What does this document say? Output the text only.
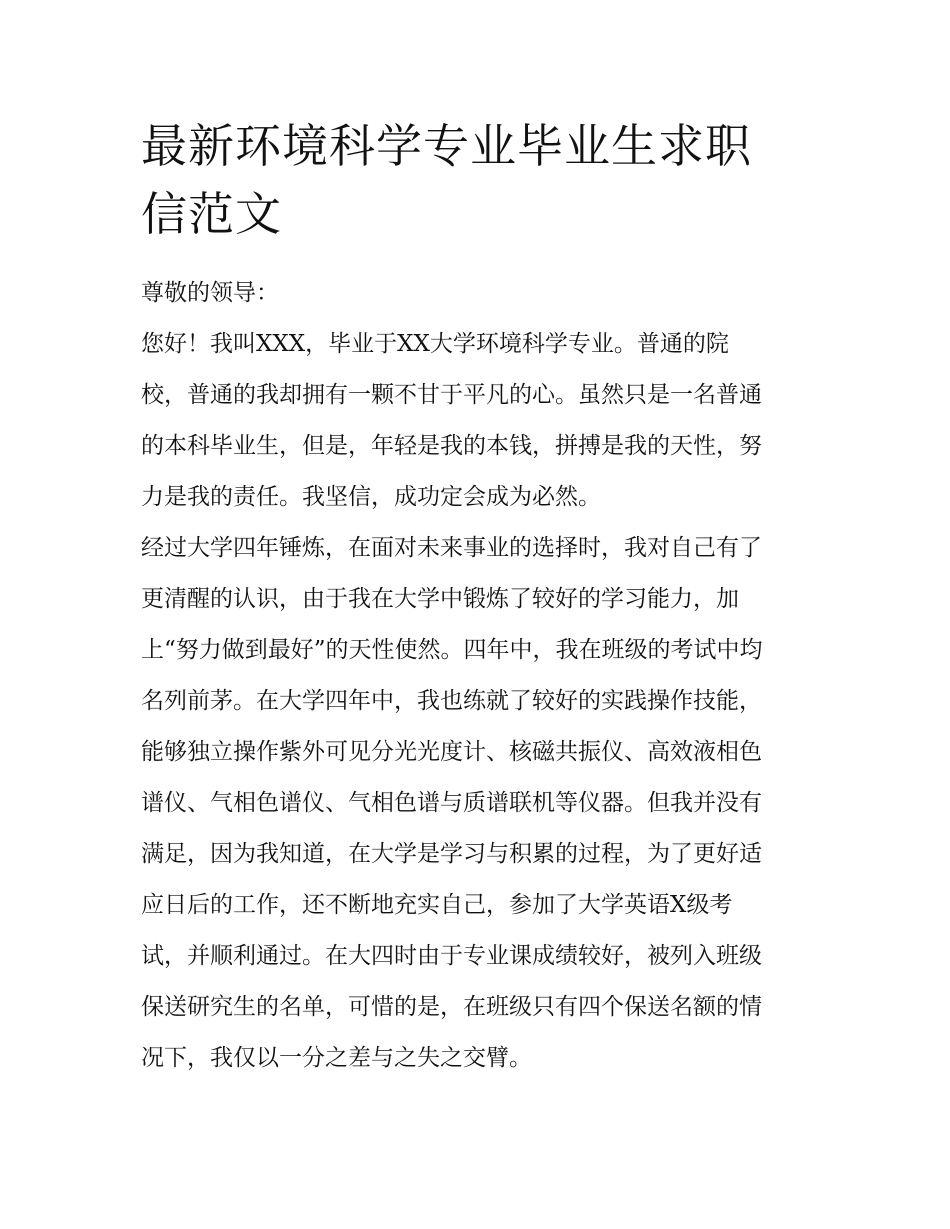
最新环境科学专业毕业生求职
信范文

尊敬的领导：

您好！我叫XXX，毕业于XX大学环境科学专业。普通的院
校，普通的我却拥有一颗不甘于平凡的心。虽然只是一名普通
的本科毕业生，但是，年轻是我的本钱，拼搏是我的天性，努
力是我的责任。我坚信，成功定会成为必然。

经过大学四年锤炼，在面对未来事业的选择时，我对自己有了
更清醒的认识，由于我在大学中锻炼了较好的学习能力，加
上“努力做到最好”的天性使然。四年中，我在班级的考试中均
名列前茅。在大学四年中，我也练就了较好的实践操作技能，
能够独立操作紫外可见分光光度计、核磁共振仪、高效液相色
谱仪、气相色谱仪、气相色谱与质谱联机等仪器。但我并没有
满足，因为我知道，在大学是学习与积累的过程，为了更好适
应日后的工作，还不断地充实自己，参加了大学英语X级考
试，并顺利通过。在大四时由于专业课成绩较好，被列入班级
保送研究生的名单，可惜的是，在班级只有四个保送名额的情
况下，我仅以一分之差与之失之交臂。
